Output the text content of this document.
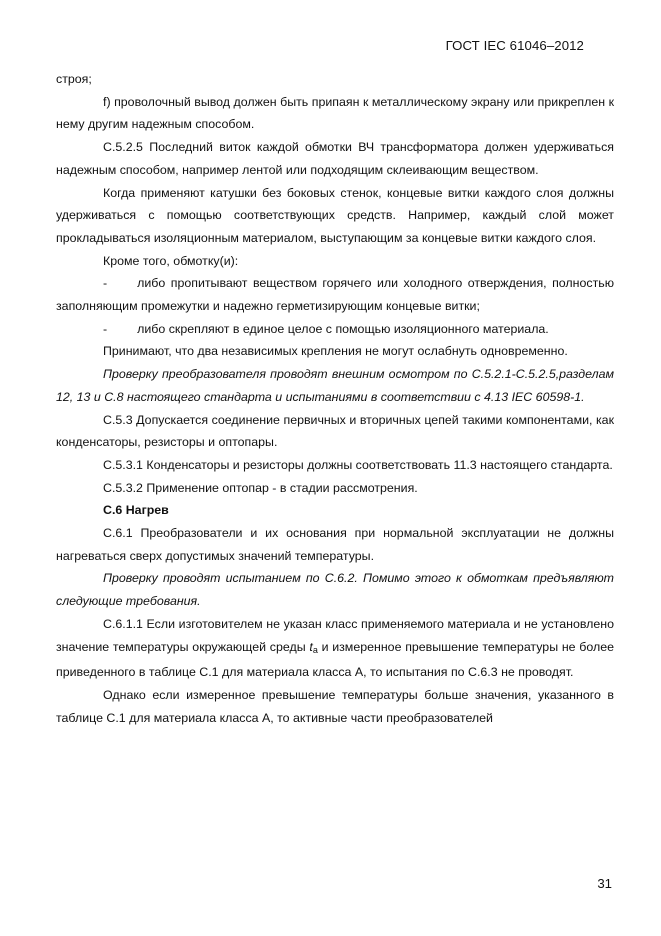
ГОСТ IEC 61046–2012

строя;

f) проволочный вывод должен быть припаян к металлическому экрану или прикреплен к нему другим надежным способом.

С.5.2.5 Последний виток каждой обмотки ВЧ трансформатора должен удерживаться надежным способом, например лентой или подходящим склеивающим веществом.

Когда применяют катушки без боковых стенок, концевые витки каждого слоя должны удерживаться с помощью соответствующих средств. Например, каждый слой может прокладываться изоляционным материалом, выступающим за концевые витки каждого слоя.

Кроме того, обмотку(и):

- либо пропитывают веществом горячего или холодного отверждения, полностью заполняющим промежутки и надежно герметизирующим концевые витки;

- либо скрепляют в единое целое с помощью изоляционного материала.

Принимают, что два независимых крепления не могут ослабнуть одновременно.

Проверку преобразователя проводят внешним осмотром по С.5.2.1-С.5.2.5,разделам 12, 13 и С.8 настоящего стандарта и испытаниями в соответствии с 4.13 IEC 60598-1.

С.5.3 Допускается соединение первичных и вторичных цепей такими компонентами, как конденсаторы, резисторы и оптопары.

С.5.3.1 Конденсаторы и резисторы должны соответствовать 11.3 настоящего стандарта.

С.5.3.2 Применение оптопар - в стадии рассмотрения.

С.6 Нагрев

С.6.1 Преобразователи и их основания при нормальной эксплуатации не должны нагреваться сверх допустимых значений температуры.

Проверку проводят испытанием по С.6.2. Помимо этого к обмоткам предъявляют следующие требования.

С.6.1.1 Если изготовителем не указан класс применяемого материала и не установлено значение температуры окружающей среды $t_a$ и измеренное превышение температуры не более приведенного в таблице С.1 для материала класса А, то испытания по С.6.3 не проводят.

Однако если измеренное превышение температуры больше значения, указанного в таблице С.1 для материала класса А, то активные части преобразователей

31
